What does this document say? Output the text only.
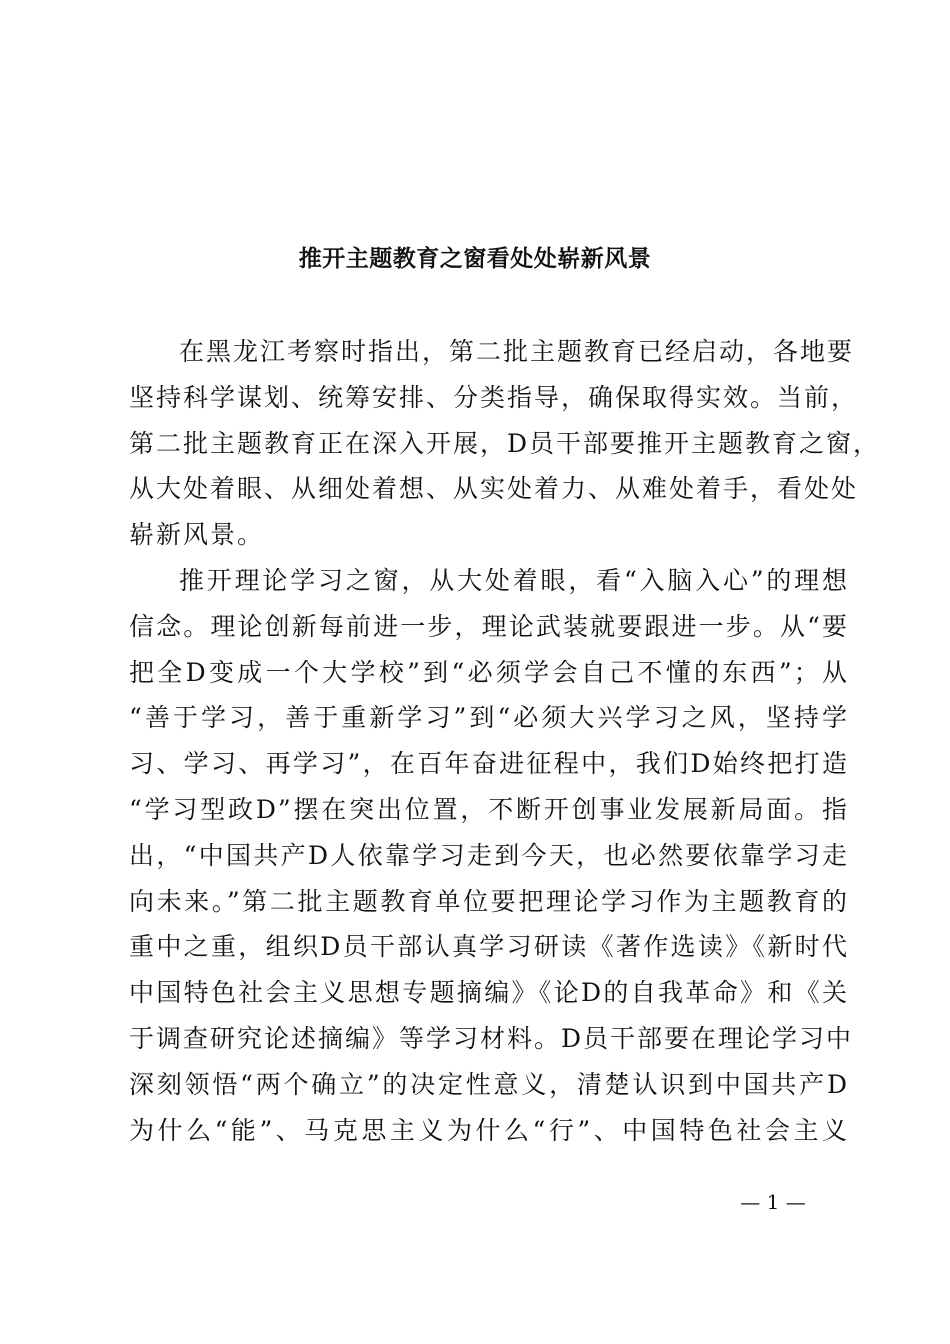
推开主题教育之窗看处处崭新风景
在黑龙江考察时指出，第二批主题教育已经启动，各地要
坚持科学谋划、统筹安排、分类指导，确保取得实效。当前，
第二批主题教育正在深入开展，D员干部要推开主题教育之窗，
从大处着眼、从细处着想、从实处着力、从难处着手，看处处
崭新风景。
推开理论学习之窗，从大处着眼，看“入脑入心”的理想
信念。理论创新每前进一步，理论武装就要跟进一步。从“要
把全D变成一个大学校”到“必须学会自己不懂的东西”；从
“善于学习，善于重新学习”到“必须大兴学习之风，坚持学
习、学习、再学习”，在百年奋进征程中，我们D始终把打造
“学习型政D”摆在突出位置，不断开创事业发展新局面。指
出，“中国共产D人依靠学习走到今天，也必然要依靠学习走
向未来。”第二批主题教育单位要把理论学习作为主题教育的
重中之重，组织D员干部认真学习研读《著作选读》《新时代
中国特色社会主义思想专题摘编》《论D的自我革命》和《关
于调查研究论述摘编》等学习材料。D员干部要在理论学习中
深刻领悟“两个确立”的决定性意义，清楚认识到中国共产D
为什么“能”、马克思主义为什么“行”、中国特色社会主义
— 1 —
